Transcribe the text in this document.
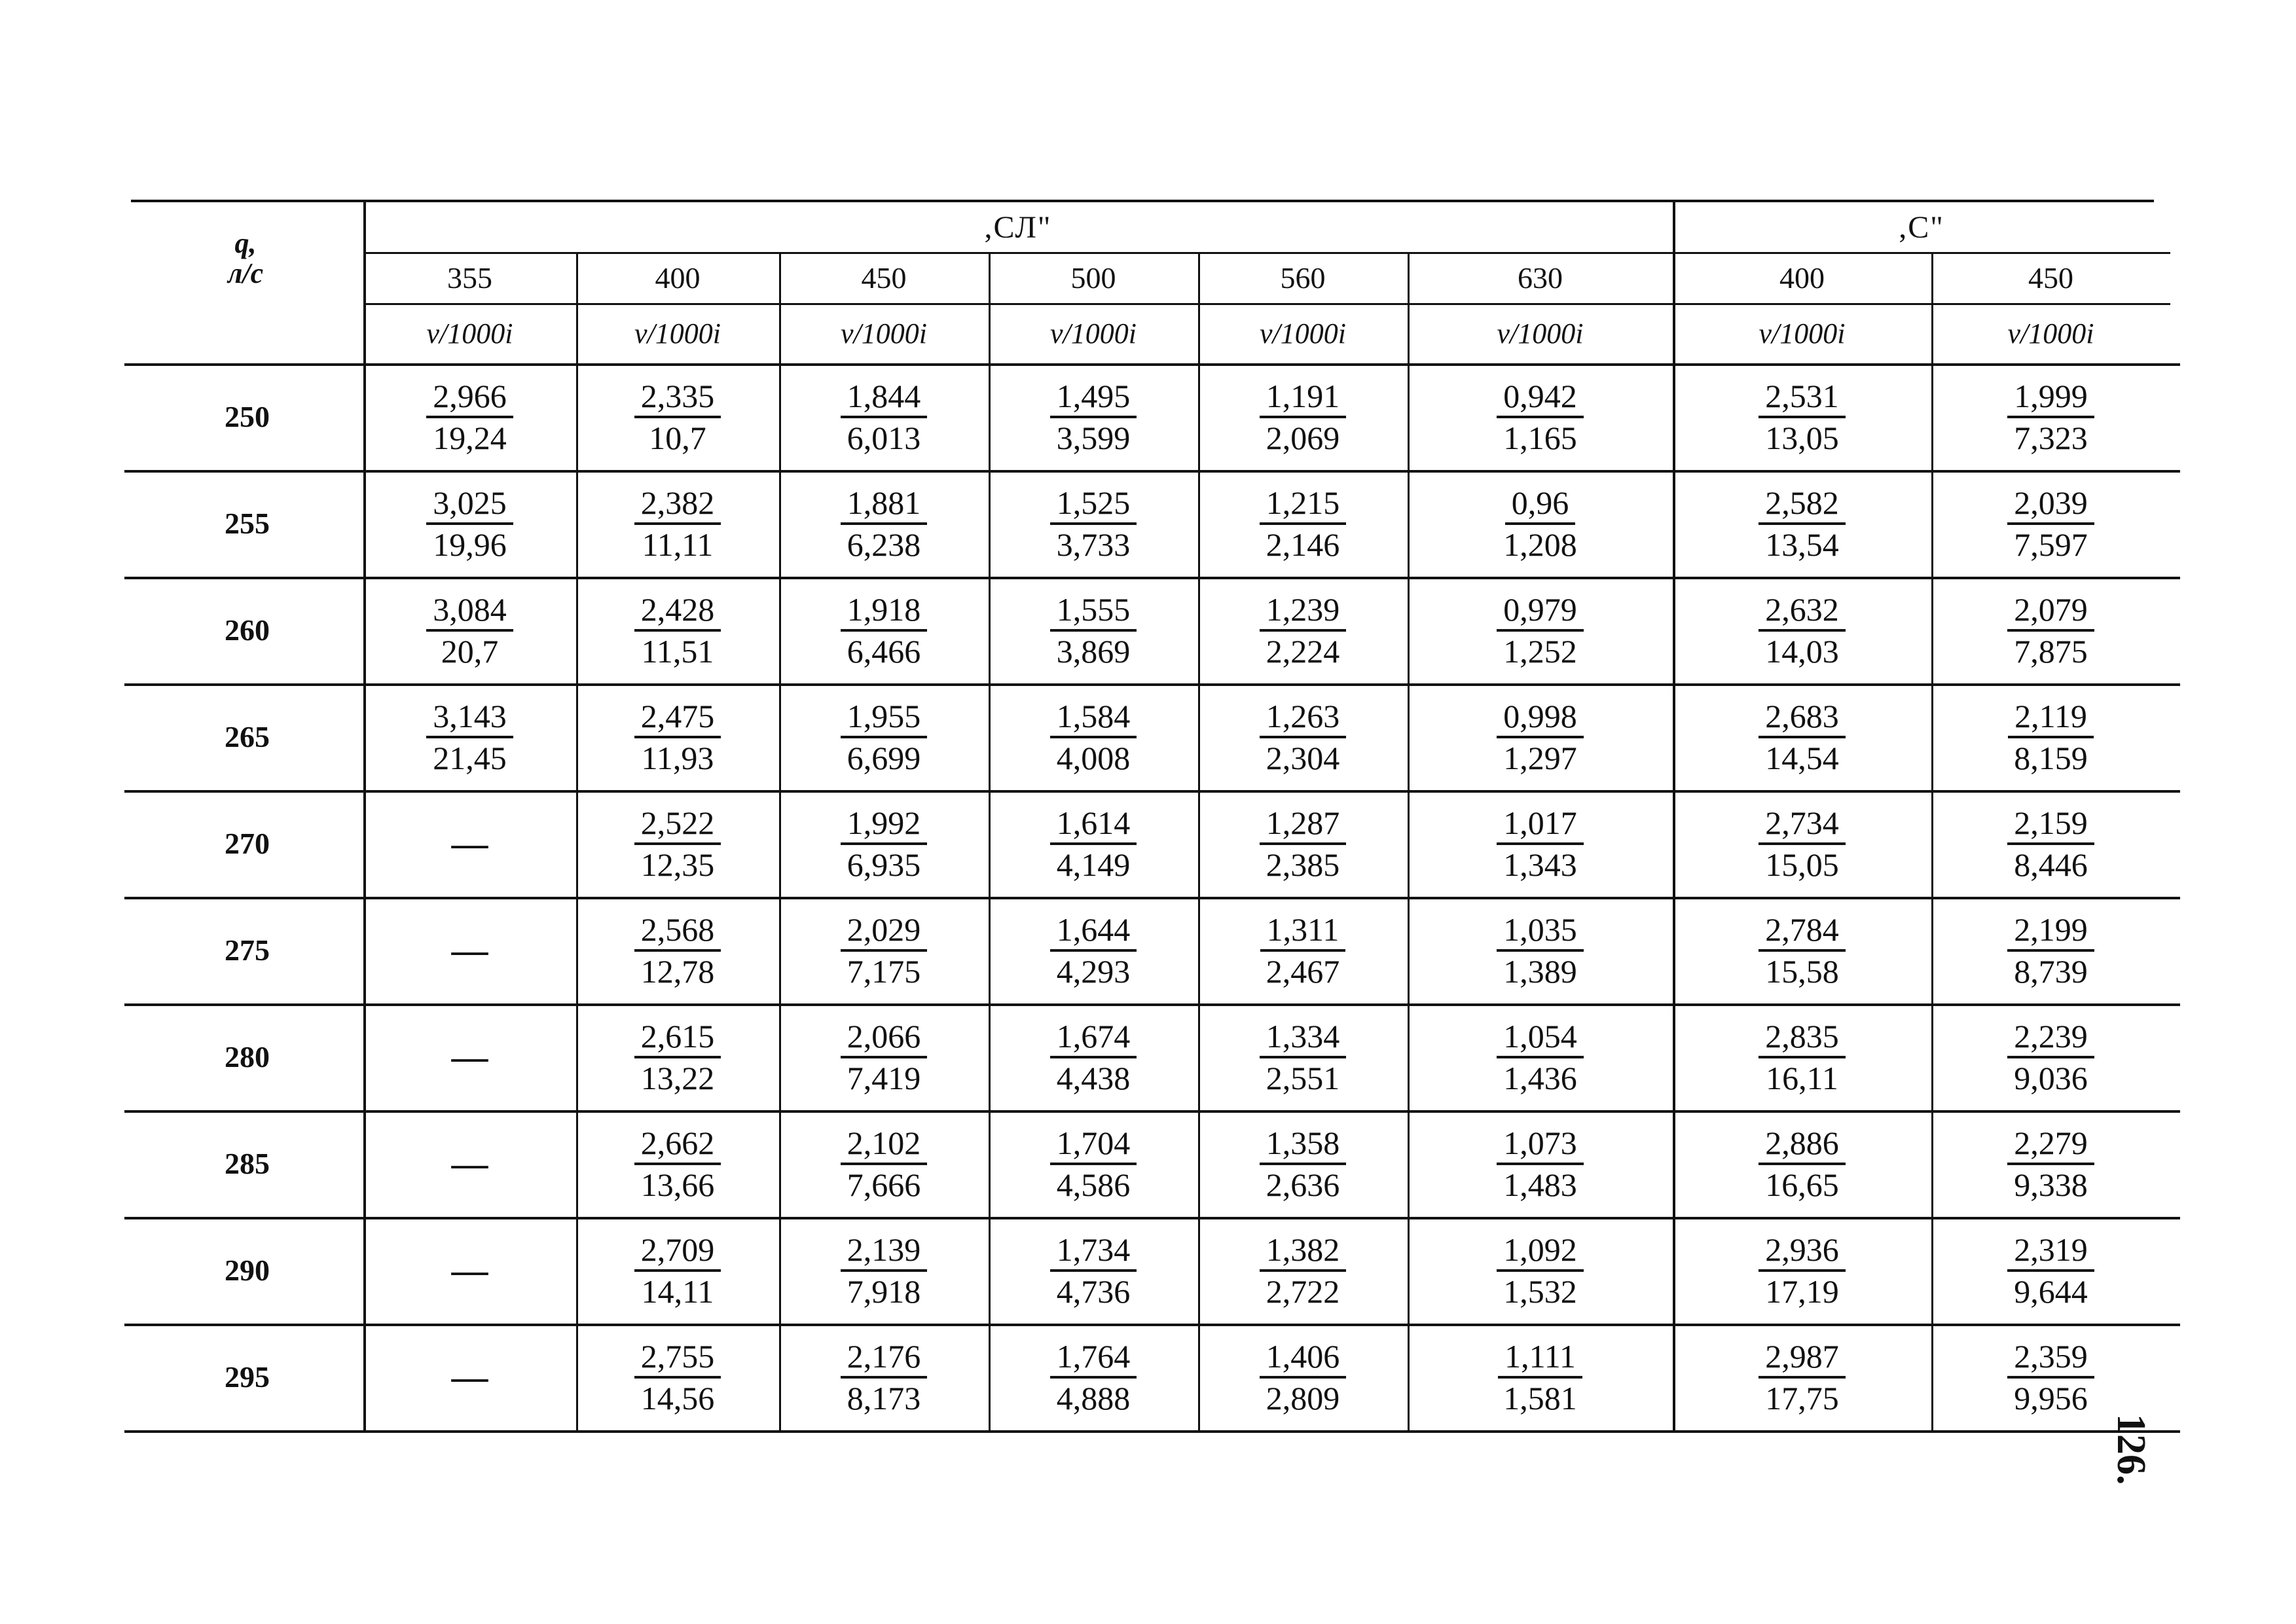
q,
л/с
,СЛ"	,С"
355	400	450	500	560	630	400	450
v/1000i	v/1000i	v/1000i	v/1000i	v/1000i	v/1000i	v/1000i	v/1000i
250	$\frac{2,966}{19,24} \frac{2,335}{10,7} \frac{1,844}{6,013} \frac{1,495}{3,599} \frac{1,191}{2,069} \frac{0,942}{1,165} \frac{2,531}{13,05} \frac{1,999}{7,323}$
255	$\frac{3,025}{19,96} \frac{2,382}{11,11} \frac{1,881}{6,238} \frac{1,525}{3,733} \frac{1,215}{2,146} \frac{0,96}{1,208} \frac{2,582}{13,54} \frac{2,039}{7,597}$
260	$\frac{3,084}{20,7} \frac{2,428}{11,51} \frac{1,918}{6,466} \frac{1,555}{3,869} \frac{1,239}{2,224} \frac{0,979}{1,252} \frac{2,632}{14,03} \frac{2,079}{7,875}$
265	$\frac{3,143}{21,45} \frac{2,475}{11,93} \frac{1,955}{6,699} \frac{1,584}{4,008} \frac{1,263}{2,304} \frac{0,998}{1,297} \frac{2,683}{14,54} \frac{2,119}{8,159}$
270	—	$\frac{2,522}{12,35} \frac{1,992}{6,935} \frac{1,614}{4,149} \frac{1,287}{2,385} \frac{1,017}{1,343} \frac{2,734}{15,05} \frac{2,159}{8,446}$
275	—	$\frac{2,568}{12,78} \frac{2,029}{7,175} \frac{1,644}{4,293} \frac{1,311}{2,467} \frac{1,035}{1,389} \frac{2,784}{15,58} \frac{2,199}{8,739}$
280	—	$\frac{2,615}{13,22} \frac{2,066}{7,419} \frac{1,674}{4,438} \frac{1,334}{2,551} \frac{1,054}{1,436} \frac{2,835}{16,11} \frac{2,239}{9,036}$
285	—	$\frac{2,662}{13,66} \frac{2,102}{7,666} \frac{1,704}{4,586} \frac{1,358}{2,636} \frac{1,073}{1,483} \frac{2,886}{16,65} \frac{2,279}{9,338}$
290	—	$\frac{2,709}{14,11} \frac{2,139}{7,918} \frac{1,734}{4,736} \frac{1,382}{2,722} \frac{1,092}{1,532} \frac{2,936}{17,19} \frac{2,319}{9,644}$
295	—	$\frac{2,755}{14,56} \frac{2,176}{8,173} \frac{1,764}{4,888} \frac{1,406}{2,809} \frac{1,111}{1,581} \frac{2,987}{17,75} \frac{2,359}{9,956}$
126.
